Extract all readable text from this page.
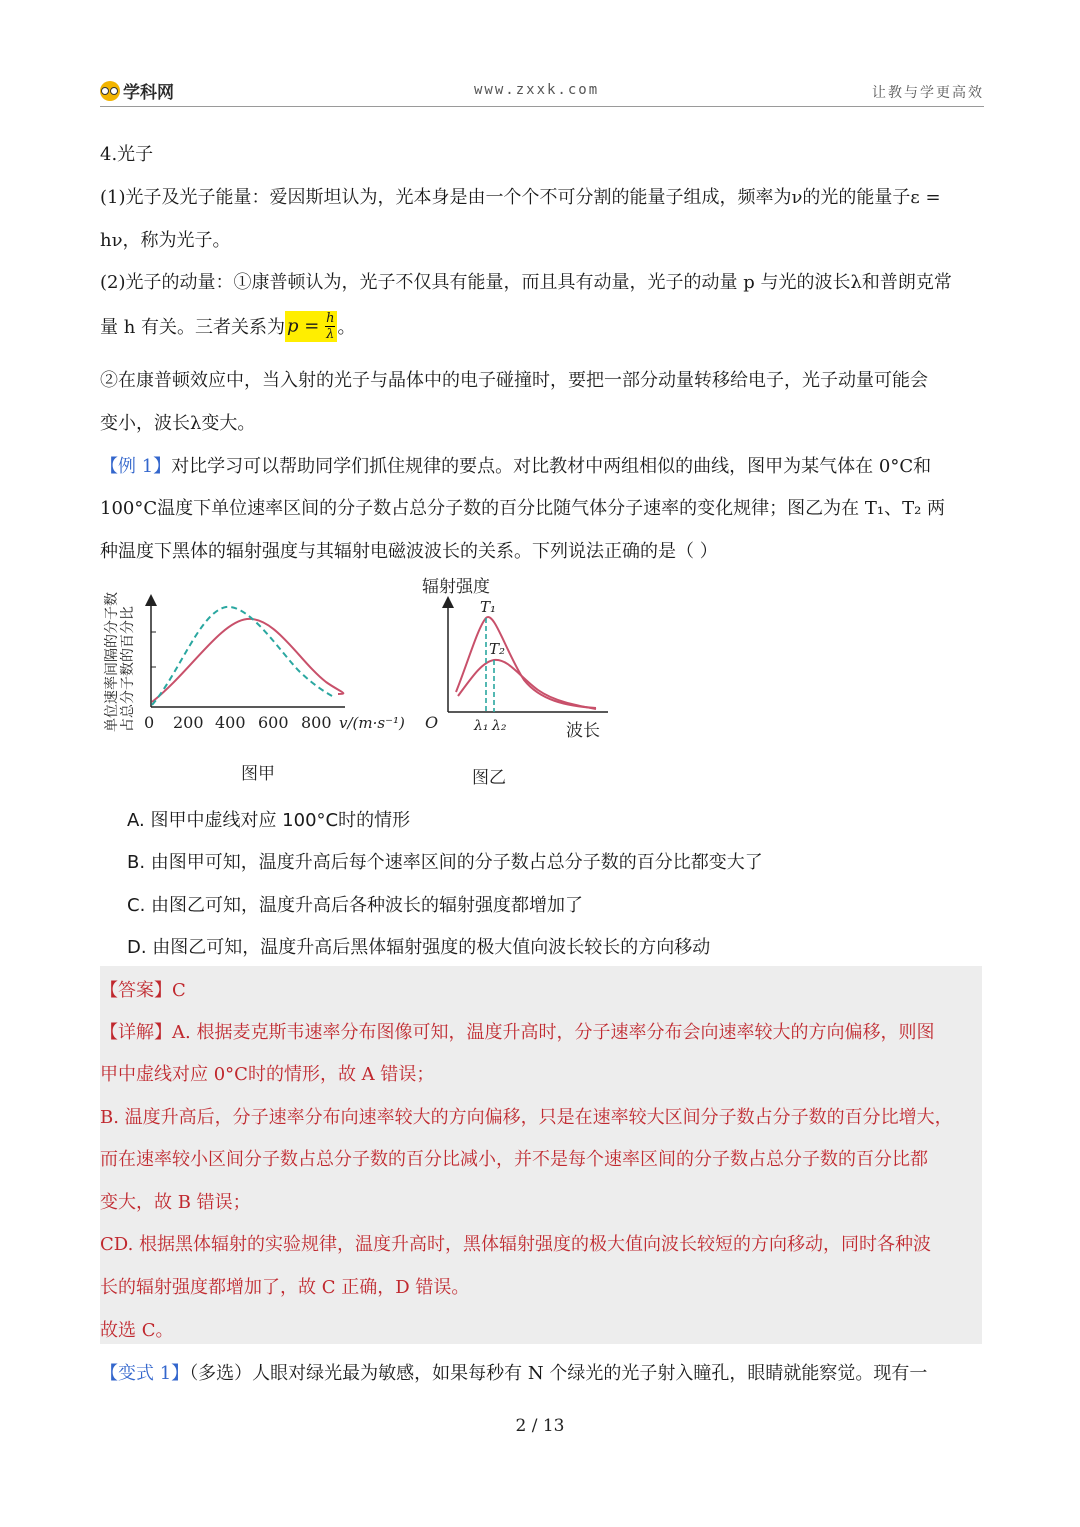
学科网	www.zxxk.com	让教与学更高效
4.光子
(1)光子及光子能量：爱因斯坦认为，光本身是由一个个不可分割的能量子组成，频率为ν的光的能量子ε =
hν，称为光子。
(2)光子的动量：①康普顿认为，光子不仅具有能量，而且具有动量，光子的动量 p 与光的波长λ和普朗克常
量 h 有关。三者关系为 $p = \frac{h}{\lambda}$ 。
②在康普顿效应中，当入射的光子与晶体中的电子碰撞时，要把一部分动量转移给电子，光子动量可能会
变小，波长λ变大。
【例 1】对比学习可以帮助同学们抓住规律的要点。对比教材中两组相似的曲线，图甲为某气体在 0°C和
100°C温度下单位速率区间的分子数占总分子数的百分比随气体分子速率的变化规律；图乙为在 T₁、T₂ 两
种温度下黑体的辐射强度与其辐射电磁波波长的关系。下列说法正确的是（ ）
单位速率间隔的分子数 占总分子数的百分比 0 200 400 600 800 v/(m·s⁻¹)
图甲
辐射强度
O
T₁
T₂
λ₁ λ₂	波长
图乙
A. 图甲中虚线对应 100°C时的情形
B. 由图甲可知，温度升高后每个速率区间的分子数占总分子数的百分比都变大了
C. 由图乙可知，温度升高后各种波长的辐射强度都增加了
D. 由图乙可知，温度升高后黑体辐射强度的极大值向波长较长的方向移动
【答案】C
【详解】A. 根据麦克斯韦速率分布图像可知，温度升高时，分子速率分布会向速率较大的方向偏移，则图
甲中虚线对应 0°C时的情形，故 A 错误；
B. 温度升高后，分子速率分布向速率较大的方向偏移，只是在速率较大区间分子数占分子数的百分比增大，
而在速率较小区间分子数占总分子数的百分比减小，并不是每个速率区间的分子数占总分子数的百分比都
变大，故 B 错误；
CD. 根据黑体辐射的实验规律，温度升高时，黑体辐射强度的极大值向波长较短的方向移动，同时各种波
长的辐射强度都增加了，故 C 正确，D 错误。
故选 C。
【变式 1】（多选）人眼对绿光最为敏感，如果每秒有 N 个绿光的光子射入瞳孔，眼睛就能察觉。现有一
2 / 13
